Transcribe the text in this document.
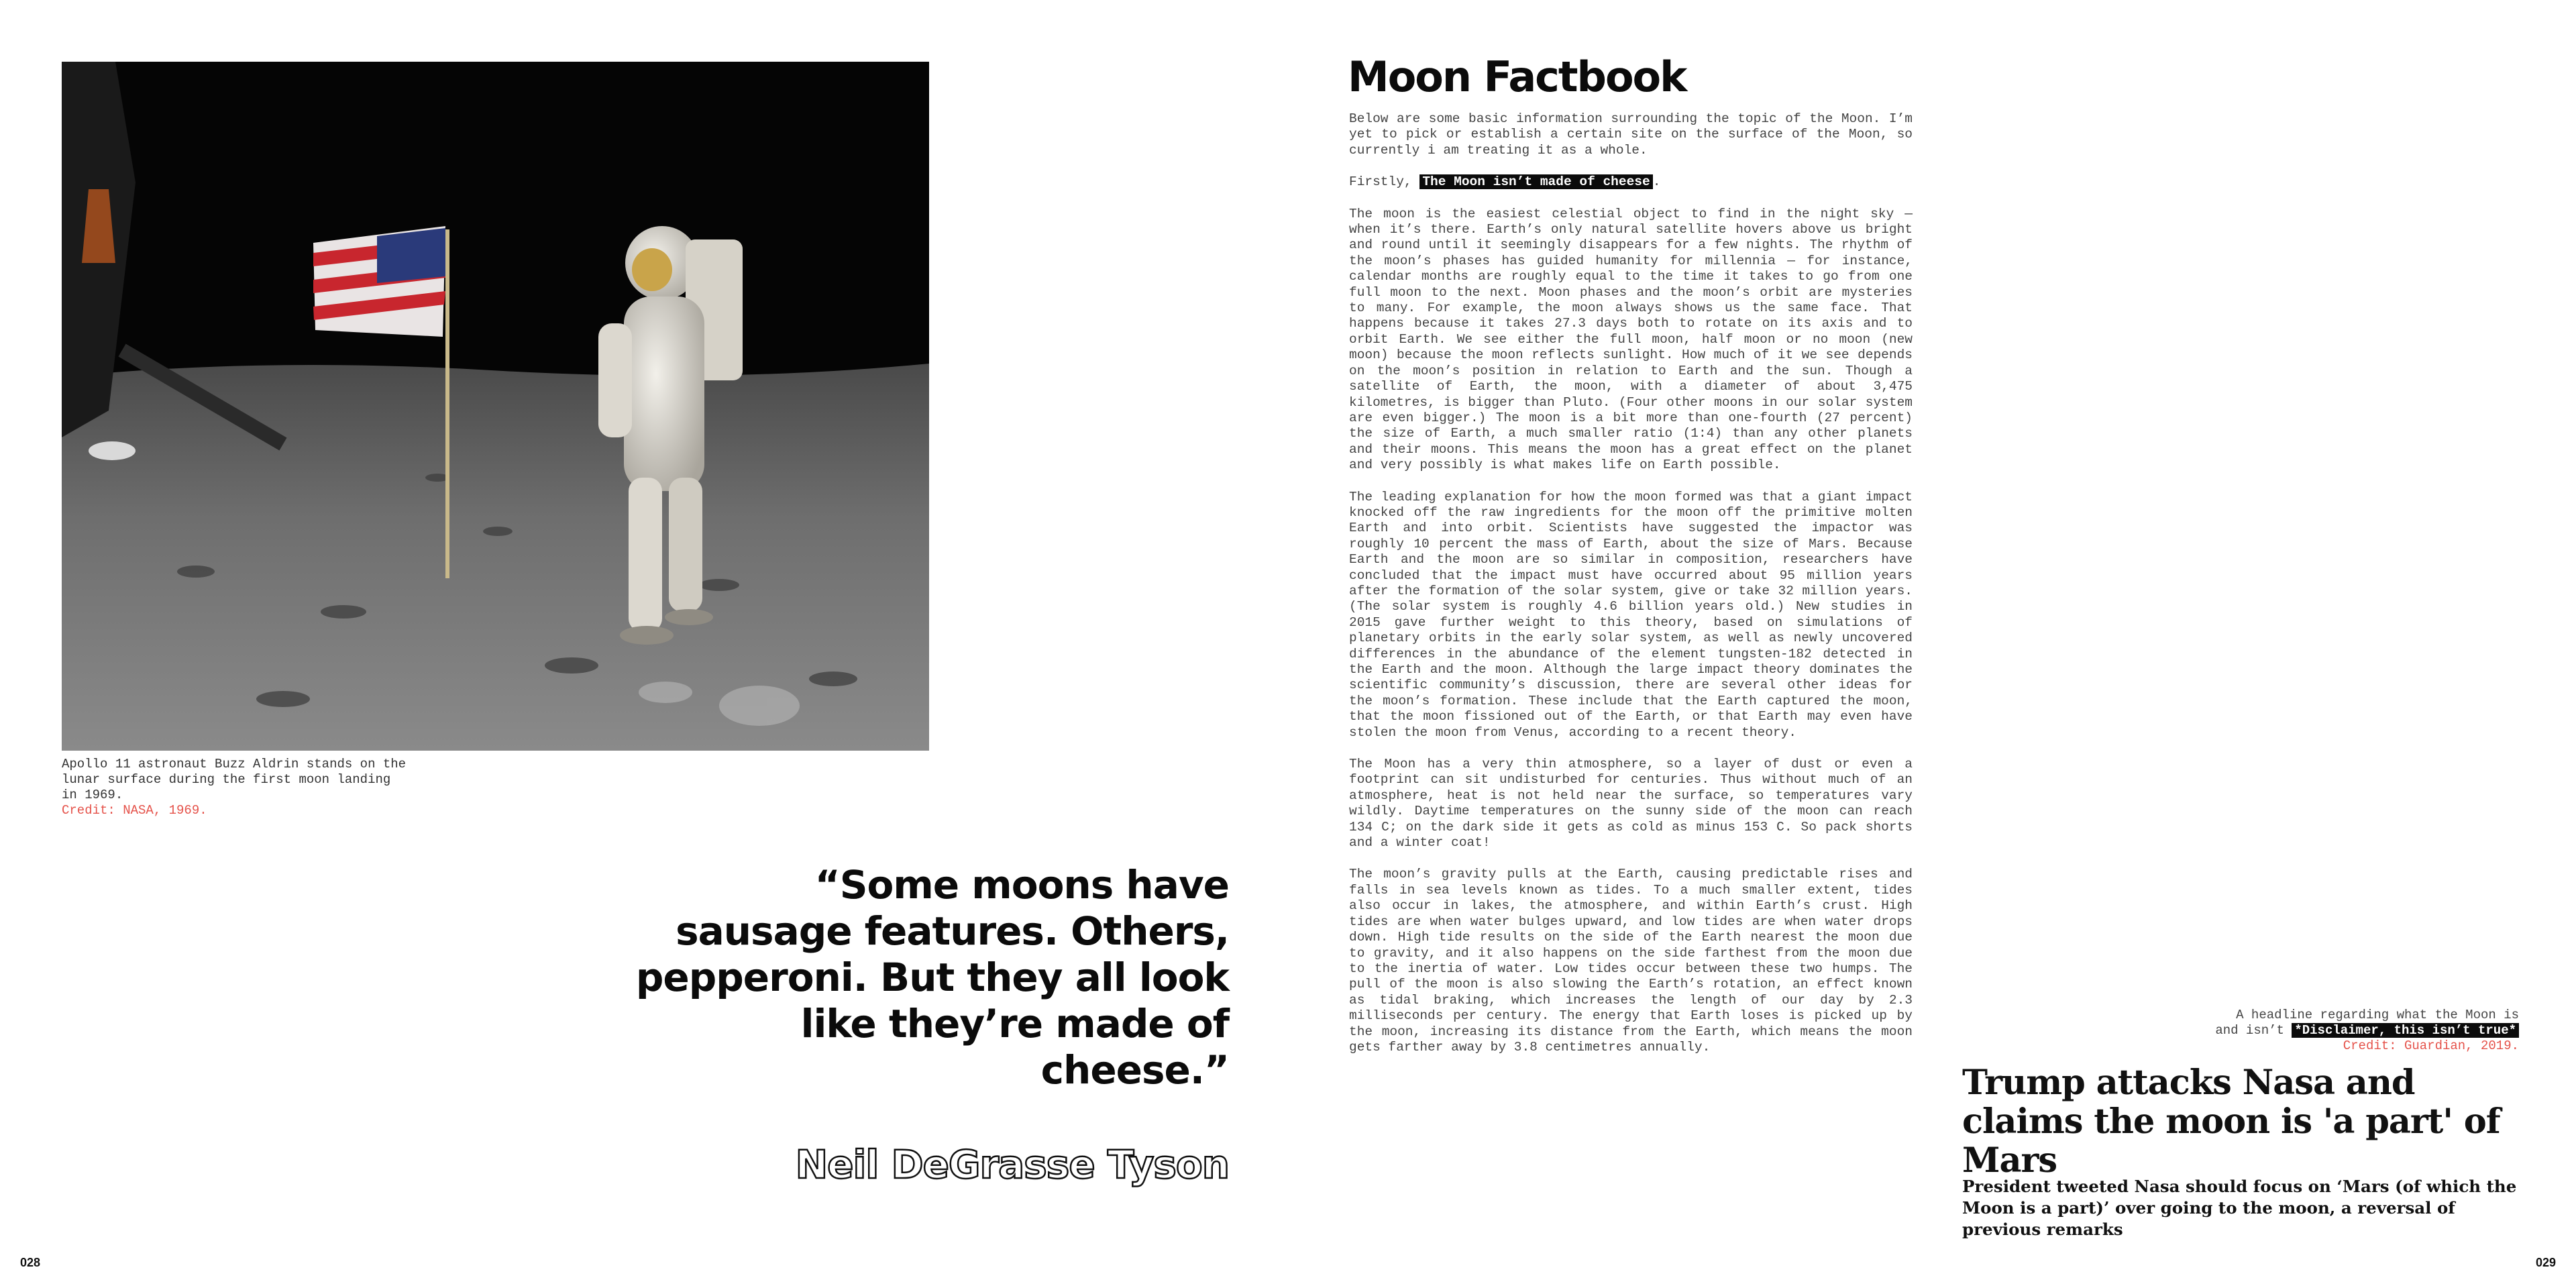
Apollo 11 astronaut Buzz Aldrin stands on the lunar surface during the first moon landing in 1969.
Credit: NASA, 1969.
“Some moons have sausage features. Others, pepperoni. But they all look like they’re made of cheese.”
Neil DeGrasse Tyson
028
Moon Factbook

Below are some basic information surrounding the topic of the Moon. I’m yet to pick or establish a certain site on the surface of the Moon, so currently i am treating it as a whole.

Firstly, The Moon isn’t made of cheese .

The moon is the easiest celestial object to find in the night sky — when it’s there. Earth’s only natural satellite hovers above us bright and round until it seemingly disappears for a few nights. The rhythm of the moon’s phases has guided humanity for millennia — for instance, calendar months are roughly equal to the time it takes to go from one full moon to the next. Moon phases and the moon’s orbit are mysteries to many. For example, the moon always shows us the same face. That happens because it takes 27.3 days both to rotate on its axis and to orbit Earth. We see either the full moon, half moon or no moon (new moon) because the moon reflects sunlight. How much of it we see depends on the moon’s position in relation to Earth and the sun. Though a satellite of Earth, the moon, with a diameter of about 3,475 kilometres, is bigger than Pluto. (Four other moons in our solar system are even bigger.) The moon is a bit more than one-fourth (27 percent) the size of Earth, a much smaller ratio (1:4) than any other planets and their moons. This means the moon has a great effect on the planet and very possibly is what makes life on Earth possible.

The leading explanation for how the moon formed was that a giant impact knocked off the raw ingredients for the moon off the primitive molten Earth and into orbit. Scientists have suggested the impactor was roughly 10 percent the mass of Earth, about the size of Mars. Because Earth and the moon are so similar in composition, researchers have concluded that the impact must have occurred about 95 million years after the formation of the solar system, give or take 32 million years. (The solar system is roughly 4.6 billion years old.) New studies in 2015 gave further weight to this theory, based on simulations of planetary orbits in the early solar system, as well as newly uncovered differences in the abundance of the element tungsten-182 detected in the Earth and the moon. Although the large impact theory dominates the scientific community’s discussion, there are several other ideas for the moon’s formation. These include that the Earth captured the moon, that the moon fissioned out of the Earth, or that Earth may even have stolen the moon from Venus, according to a recent theory.

The Moon has a very thin atmosphere, so a layer of dust or even a footprint can sit undisturbed for centuries. Thus without much of an atmosphere, heat is not held near the surface, so temperatures vary wildly. Daytime temperatures on the sunny side of the moon can reach 134 C; on the dark side it gets as cold as minus 153 C. So pack shorts and a winter coat!

The moon’s gravity pulls at the Earth, causing predictable rises and falls in sea levels known as tides. To a much smaller extent, tides also occur in lakes, the atmosphere, and within Earth’s crust. High tides are when water bulges upward, and low tides are when water drops down. High tide results on the side of the Earth nearest the moon due to gravity, and it also happens on the side farthest from the moon due to the inertia of water. Low tides occur between these two humps. The pull of the moon is also slowing the Earth’s rotation, an effect known as tidal braking, which increases the length of our day by 2.3 milliseconds per century. The energy that Earth loses is picked up by the moon, increasing its distance from the Earth, which means the moon gets farther away by 3.8 centimetres annually.

A headline regarding what the Moon is and isn’t *Disclaimer, this isn’t true*
Credit: Guardian, 2019.
Trump attacks Nasa and claims the moon is 'a part' of Mars

President tweeted Nasa should focus on ‘Mars (of which the Moon is a part)’ over going to the moon, a reversal of previous remarks

029
